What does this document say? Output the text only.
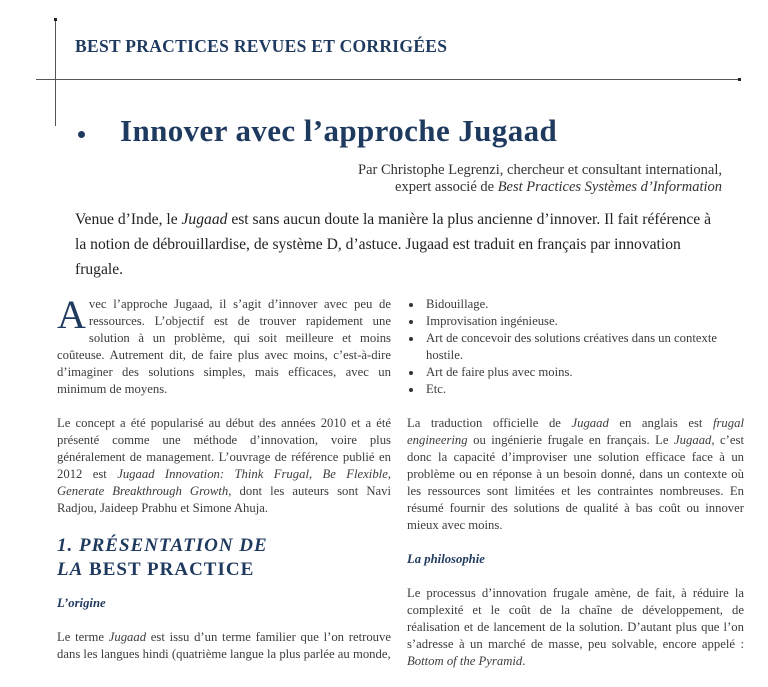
BEST PRACTICES REVUES ET CORRIGÉES
Innover avec l’approche Jugaad
Par Christophe Legrenzi, chercheur et consultant international,
expert associé de Best Practices Systèmes d’Information
Venue d’Inde, le Jugaad est sans aucun doute la manière la plus ancienne d’innover. Il fait référence à la notion de débrouillardise, de système D, d’astuce. Jugaad est traduit en français par innovation frugale.

Avec l’approche Jugaad, il s’agit d’innover avec peu de ressources. L’objectif est de trouver rapidement une solution à un problème, qui soit meilleure et moins coûteuse. Autrement dit, de faire plus avec moins, c’est-à-dire d’imaginer des solutions simples, mais efficaces, avec un minimum de moyens.

Le concept a été popularisé au début des années 2010 et a été présenté comme une méthode d’innovation, voire plus généralement de management. L’ouvrage de référence publié en 2012 est Jugaad Innovation: Think Frugal, Be Flexible, Generate Breakthrough Growth, dont les auteurs sont Navi Radjou, Jaideep Prabhu et Simone Ahuja.

1. PRÉSENTATION DE
LA BEST PRACTICE
L’origine

Le terme Jugaad est issu d’un terme familier que l’on retrouve dans les langues hindi (quatrième langue la plus parlée au monde,

Bidouillage.
Improvisation ingénieuse.
Art de concevoir des solutions créatives dans un contexte hostile.
Art de faire plus avec moins.
Etc.

La traduction officielle de Jugaad en anglais est frugal engineering ou ingénierie frugale en français. Le Jugaad, c’est donc la capacité d’improviser une solution efficace face à un problème ou en réponse à un besoin donné, dans un contexte où les ressources sont limitées et les contraintes nombreuses. En résumé fournir des solutions de qualité à bas coût ou innover mieux avec moins.

La philosophie

Le processus d’innovation frugale amène, de fait, à réduire la complexité et le coût de la chaîne de développement, de réalisation et de lancement de la solution. D’autant plus que l’on s’adresse à un marché de masse, peu solvable, encore appelé : Bottom of the Pyramid.
